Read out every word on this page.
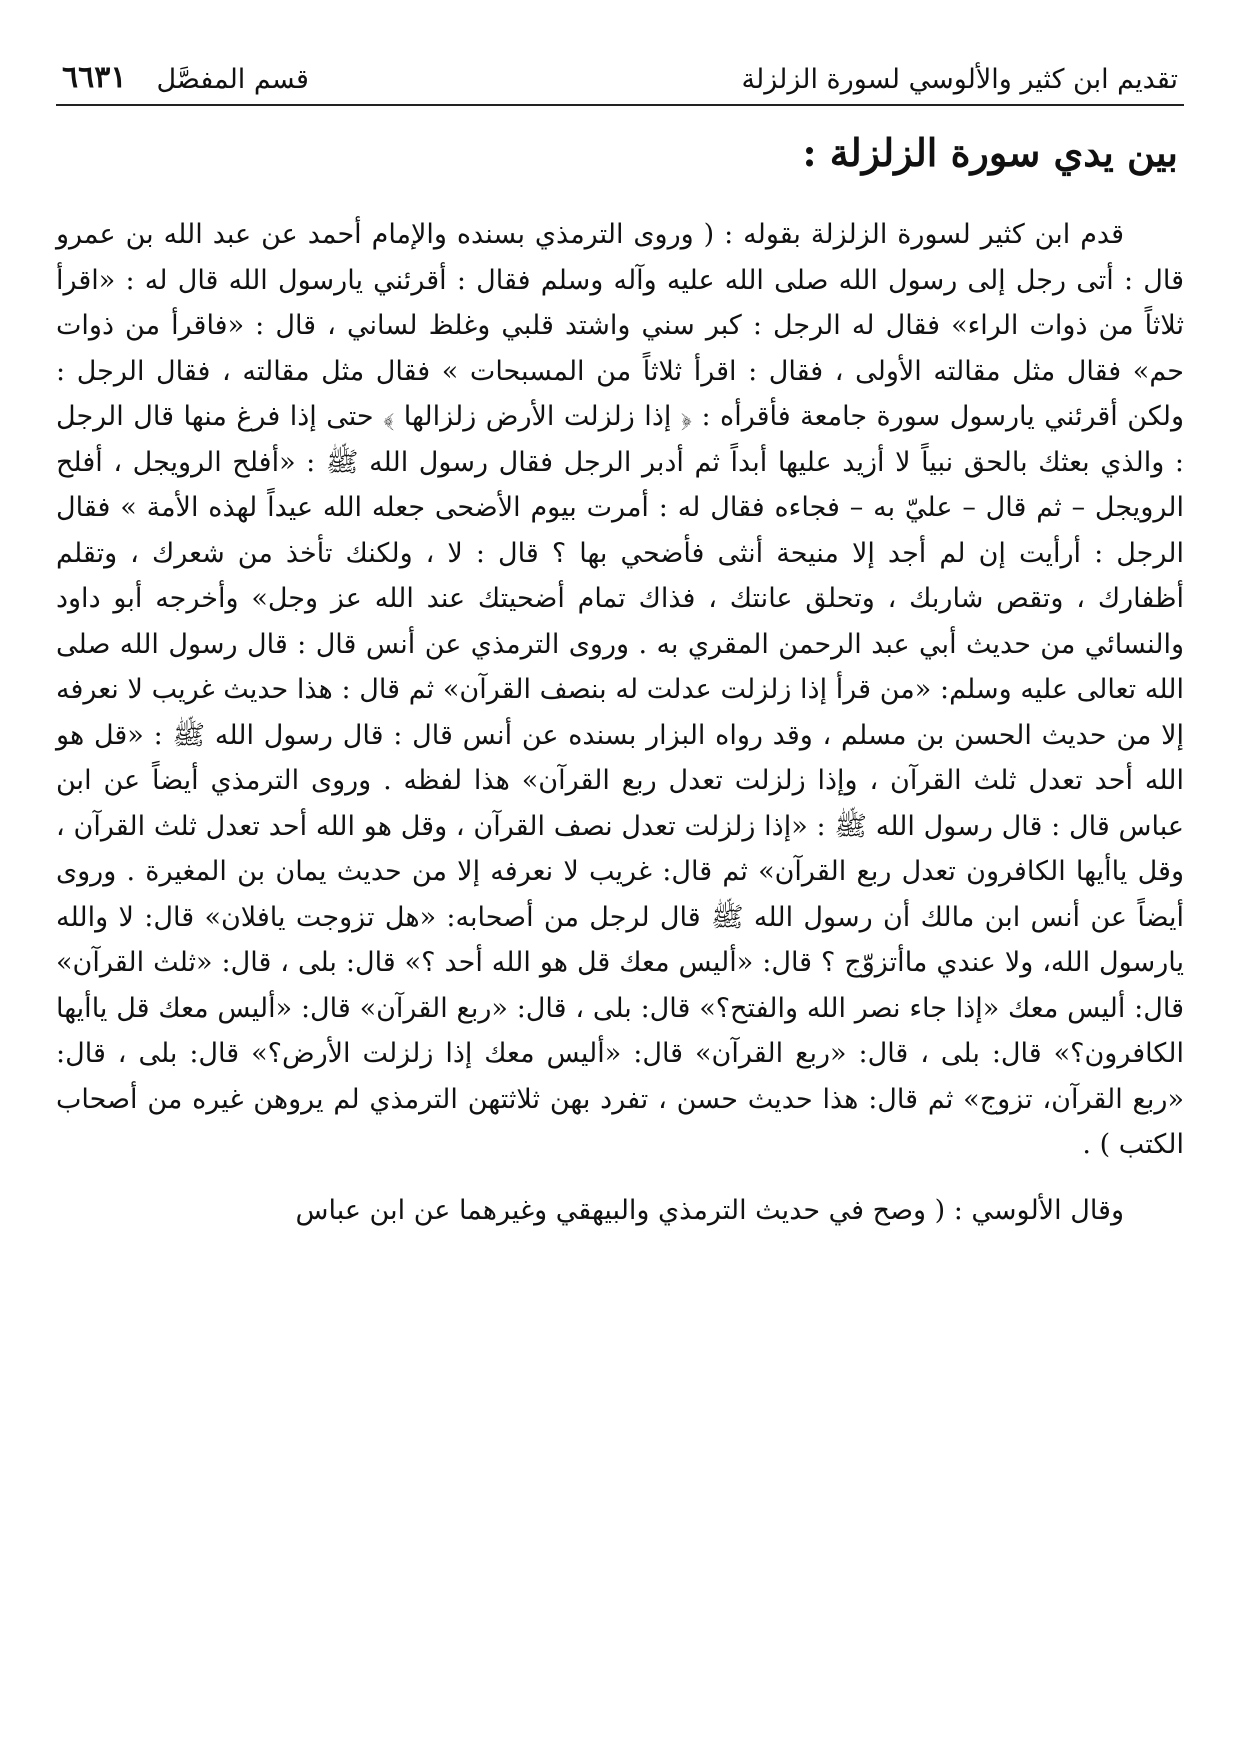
تقديم ابن كثير والألوسي لسورة الزلزلة
قسم المفصَّل
٦٦٣١
بين يدي سورة الزلزلة :

قدم ابن كثير لسورة الزلزلة بقوله : ( وروى الترمذي بسنده والإمام أحمد عن عبد الله بن عمرو قال : أتى رجل إلى رسول الله صلى الله عليه وآله وسلم فقال : أقرئني يارسول الله قال له : «اقرأ ثلاثاً من ذوات الراء» فقال له الرجل : كبر سني واشتد قلبي وغلظ لساني ، قال : «فاقرأ من ذوات حم» فقال مثل مقالته الأولى ، فقال : اقرأ ثلاثاً من المسبحات » فقال مثل مقالته ، فقال الرجل : ولكن أقرئني يارسول سورة جامعة فأقرأه : ﴿ إذا زلزلت الأرض زلزالها ﴾ حتى إذا فرغ منها قال الرجل : والذي بعثك بالحق نبياً لا أزيد عليها أبداً ثم أدبر الرجل فقال رسول الله ﷺ : «أفلح الرويجل ، أفلح الرويجل – ثم قال – عليّ به – فجاءه فقال له : أمرت بيوم الأضحى جعله الله عيداً لهذه الأمة » فقال الرجل : أرأيت إن لم أجد إلا منيحة أنثى فأضحي بها ؟ قال : لا ، ولكنك تأخذ من شعرك ، وتقلم أظفارك ، وتقص شاربك ، وتحلق عانتك ، فذاك تمام أضحيتك عند الله عز وجل» وأخرجه أبو داود والنسائي من حديث أبي عبد الرحمن المقري به . وروى الترمذي عن أنس قال : قال رسول الله صلى الله تعالى عليه وسلم: «من قرأ إذا زلزلت عدلت له بنصف القرآن» ثم قال : هذا حديث غريب لا نعرفه إلا من حديث الحسن بن مسلم ، وقد رواه البزار بسنده عن أنس قال : قال رسول الله ﷺ : «قل هو الله أحد تعدل ثلث القرآن ، وإذا زلزلت تعدل ربع القرآن» هذا لفظه . وروى الترمذي أيضاً عن ابن عباس قال : قال رسول الله ﷺ : «إذا زلزلت تعدل نصف القرآن ، وقل هو الله أحد تعدل ثلث القرآن ، وقل ياأيها الكافرون تعدل ربع القرآن» ثم قال: غريب لا نعرفه إلا من حديث يمان بن المغيرة . وروى أيضاً عن أنس ابن مالك أن رسول الله ﷺ قال لرجل من أصحابه: «هل تزوجت يافلان» قال: لا والله يارسول الله، ولا عندي ماأتزوّج ؟ قال: «أليس معك قل هو الله أحد ؟» قال: بلى ، قال: «ثلث القرآن» قال: أليس معك «إذا جاء نصر الله والفتح؟» قال: بلى ، قال: «ربع القرآن» قال: «أليس معك قل ياأيها الكافرون؟» قال: بلى ، قال: «ربع القرآن» قال: «أليس معك إذا زلزلت الأرض؟» قال: بلى ، قال: «ربع القرآن، تزوج» ثم قال: هذا حديث حسن ، تفرد بهن ثلاثتهن الترمذي لم يروهن غيره من أصحاب الكتب ) .

وقال الألوسي : ( وصح في حديث الترمذي والبيهقي وغيرهما عن ابن عباس
